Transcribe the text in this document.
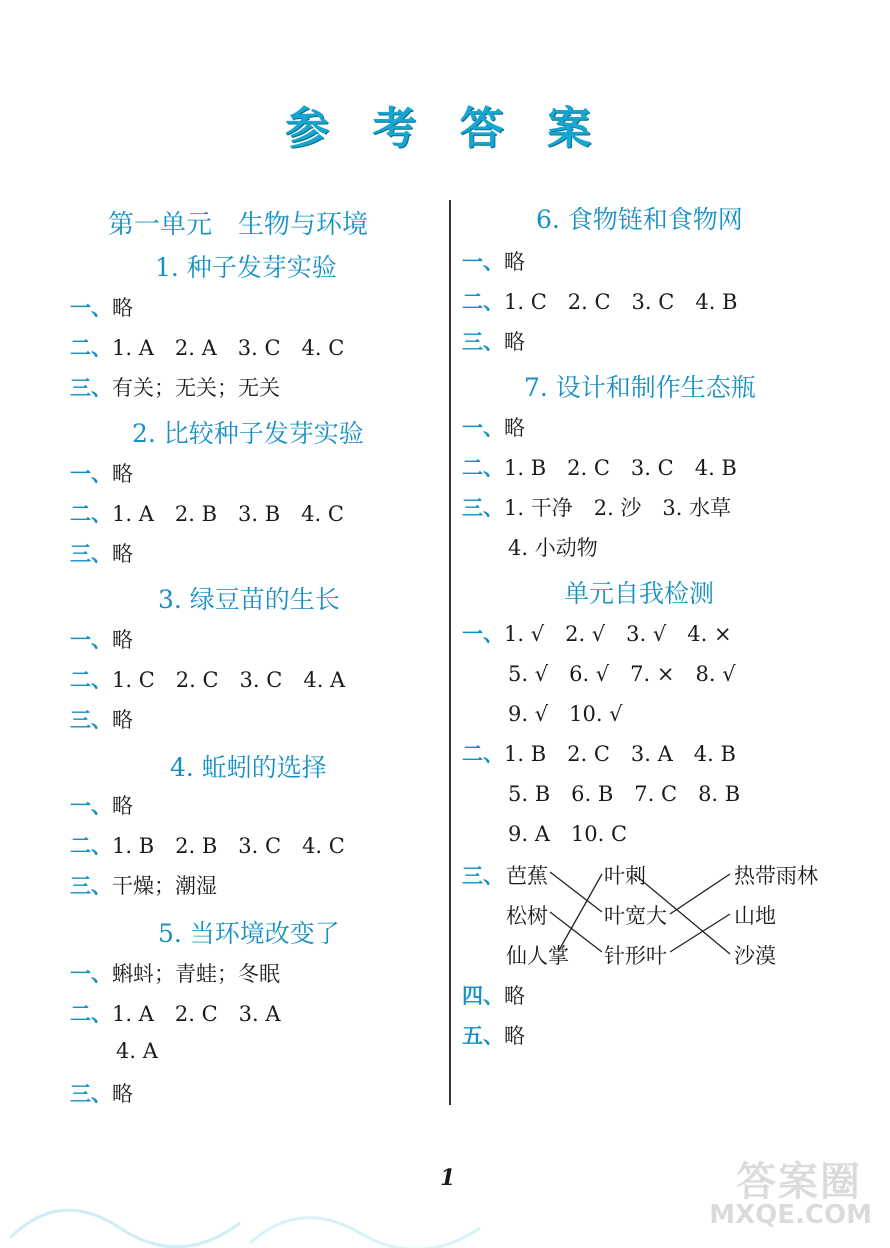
参 考 答 案
第一单元　生物与环境
1. 种子发芽实验
一、略
二、1. A　2. A　3. C　4. C
三、有关；无关；无关
2. 比较种子发芽实验
一、略
二、1. A　2. B　3. B　4. C
三、略
3. 绿豆苗的生长
一、略
二、1. C　2. C　3. C　4. A
三、略
4. 蚯蚓的选择
一、略
二、1. B　2. B　3. C　4. C
三、干燥；潮湿
5. 当环境改变了
一、蝌蚪；青蛙；冬眠
二、1. A　2. C　3. A
4. A
三、略
6. 食物链和食物网
一、略
二、1. C　2. C　3. C　4. B
三、略
7. 设计和制作生态瓶
一、略
二、1. B　2. C　3. C　4. B
三、1. 干净　2. 沙　3. 水草
4. 小动物
单元自我检测
一、1. √　2. √　3. √　4. ×
5. √　6. √　7. ×　8. √
9. √　10. √
二、1. B　2. C　3. A　4. B
5. B　6. B　7. C　8. B
9. A　10. C
三、 芭蕉
松树
仙人掌
叶刺
叶宽大
针形叶
热带雨林
山地
沙漠
四、略
五、略
1	答案圈
MXQE.COM
